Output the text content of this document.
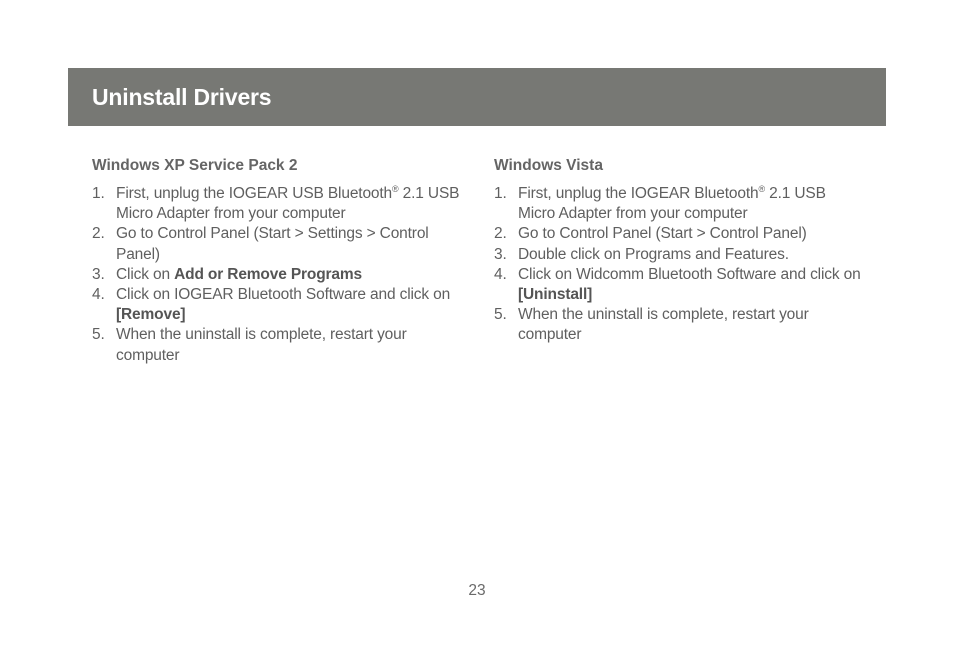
Uninstall Drivers
Windows XP Service Pack 2
1. First, unplug the IOGEAR USB Bluetooth® 2.1 USB Micro Adapter from your computer
2. Go to Control Panel (Start > Settings > Control Panel)
3. Click on Add or Remove Programs
4. Click on IOGEAR Bluetooth Software and click on [Remove]
5. When the uninstall is complete, restart your computer
Windows Vista
1. First, unplug the IOGEAR Bluetooth® 2.1 USB Micro Adapter from your computer
2. Go to Control Panel (Start > Control Panel)
3. Double click on Programs and Features.
4. Click on Widcomm Bluetooth Software and click on [Uninstall]
5. When the uninstall is complete, restart your computer
23
